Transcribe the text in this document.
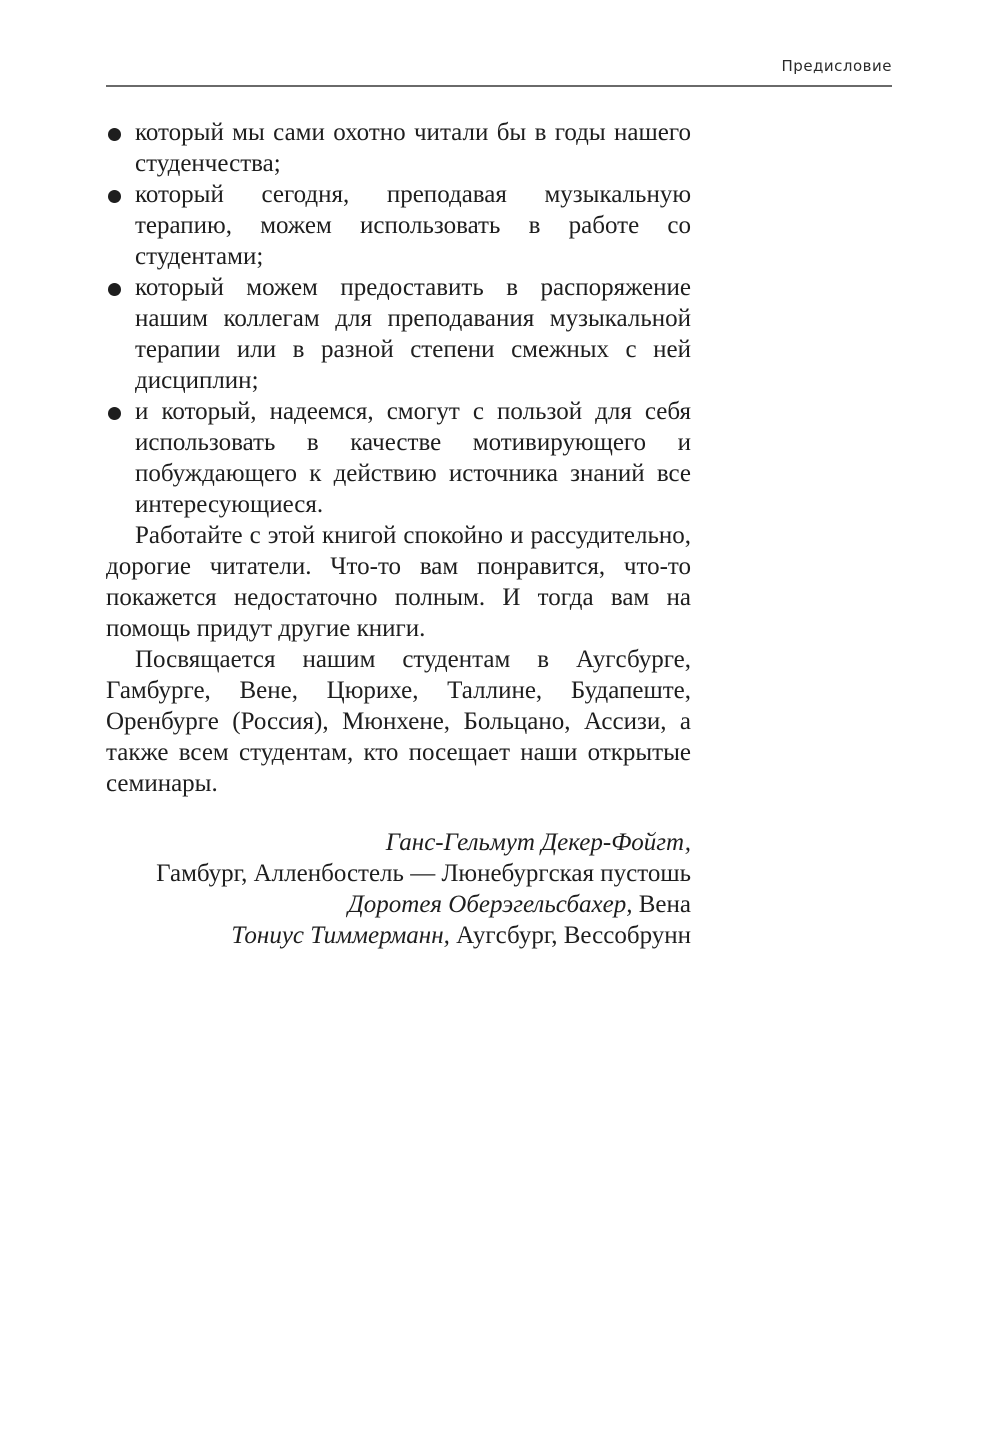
Предисловие
который мы сами охотно читали бы в годы нашего студенчества;
который сегодня, преподавая музыкальную терапию, можем использовать в работе со студентами;
который можем предоставить в распоряжение нашим коллегам для преподавания музыкальной терапии или в разной степени смежных с ней дисциплин;
и который, надеемся, смогут с пользой для себя использовать в качестве мотивирующего и побуждающего к действию источника знаний все интересующиеся.

Работайте с этой книгой спокойно и рассудительно, дорогие читатели. Что-то вам понравится, что-то покажется недостаточно полным. И тогда вам на помощь придут другие книги.

Посвящается нашим студентам в Аугсбурге, Гамбурге, Вене, Цюрихе, Таллине, Будапеште, Оренбурге (Россия), Мюнхене, Больцано, Ассизи, а также всем студентам, кто посещает наши открытые семинары.

Ганс-Гельмут Декер-Фойгт,
Гамбург, Алленбостель — Люнебургская пустошь
Доротея Оберэгельсбахер, Вена
Тониус Тиммерманн, Аугсбург, Вессобрунн
